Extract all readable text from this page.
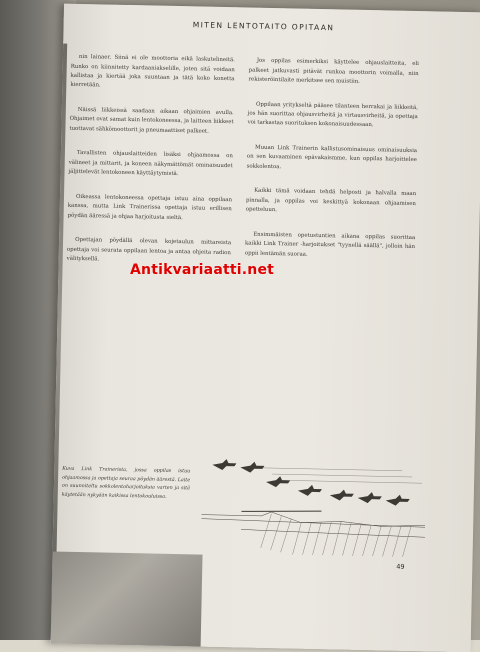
MITEN LENTOTAITO OPITAAN

nin lainaer. Siinä ei ole moottoria eikä laskutelineitä. Runko on kiinnitetty kardaaniakselille, joten sitä voidaan kallistaa ja kiertää joka suuntaan ja tätä koko konetta kierretään.

Näissä liikkeissä saadaan aikaan ohjaimien avulla. Ohjaimet ovat samat kuin lentokoneessa, ja laitteen liikkeet tuottavat sähkömoottorit ja pneumaattiset palkeet.

Tavallisten ohjauslaitteiden lisäksi ohjaamossa on välineet ja mittarit, ja koneen näkymättömät ominaisuudet jäljittelevät lentokoneen käyttäytymistä.

Oikeassa lentokoneessa opettaja istuu aina oppilaan kanssa, mutta Link Trainerissa opettaja istuu erillisen pöydän ääressä ja ohjaa harjoitusta sieltä.

Opettajan pöydällä olevan kojetaulun mittareista opettaja voi seurata oppilaan lentoa ja antaa ohjeita radion välityksellä.

Jos oppilas esimerkiksi käyttelee ohjauslaitteita, eli palkeet jatkuvasti pitävät runkoa moottorin voimalla, niin rekisteröintilaite merkitsee sen muistiin.

Oppilaan yritykseltä pääsee tilanteen herrakai ja liikkeitä, jos hän suorittaa ohjausvirheitä ja virtausvirheitä, ja opettaja voi tarkastaa suorituksen kokonaisuudessaan.

Muuan Link Trainerin kallistusominaisuus ominaisuuksia on sen kuvaaminen epävakaismme, kun oppilas harjoittelee sokkolentoa.

Kaikki tämä voidaan tehdä helposti ja halvalla maan pinnalla, ja oppilas voi keskittyä kokonaan ohjaamisen opetteluun.

Ensimmäisten opetustuntien aikana oppilas suorittaa kaikki Link Trainer -harjoitukset "tyynellä säällä", jolloin hän oppii lentämän suoraa.

Kuva Link Trainerista, jossa oppilas istuu ohjaamossa ja opettaja seuraa pöydän äärestä. Laite on suunniteltu sokkolentoharjoituksia varten ja sitä käytetään nykyään kaikissa lentokouluissa.
49
Antikvariaatti.net
